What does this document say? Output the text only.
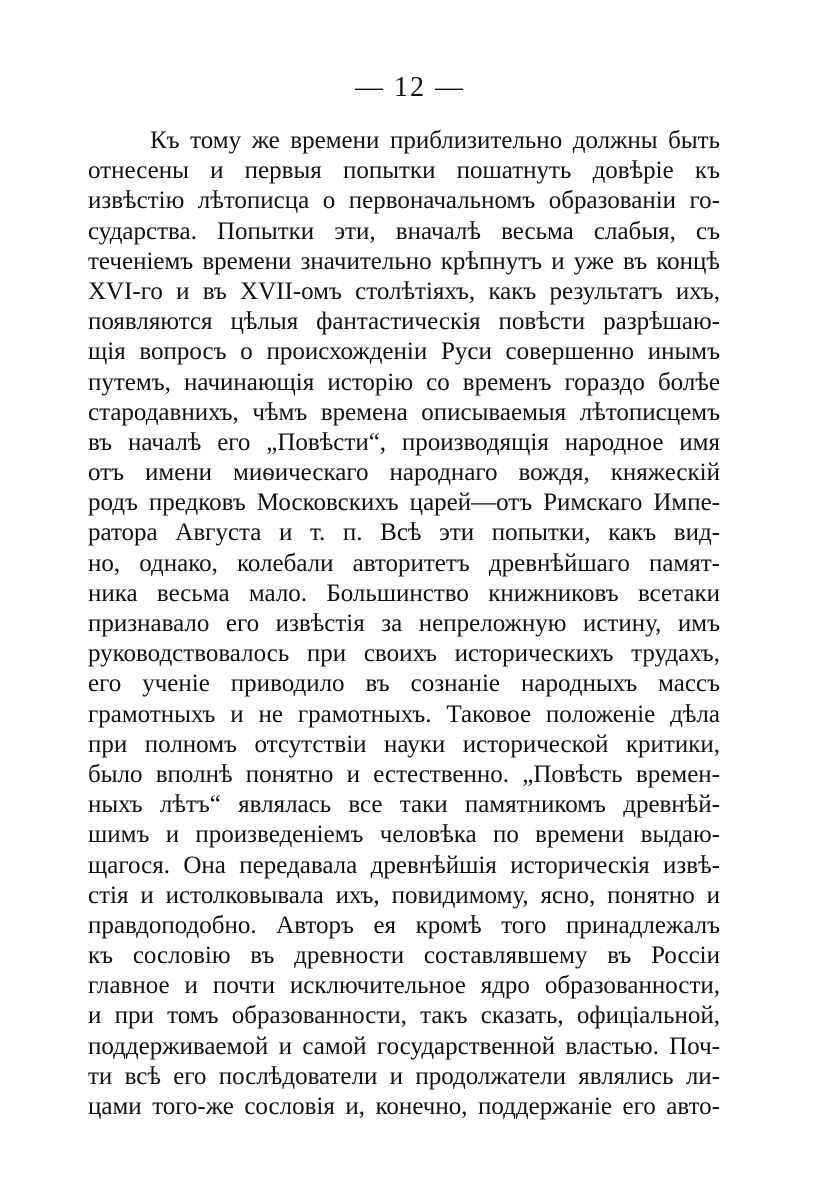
— 12 —
Къ тому же времени приблизительно должны быть
отнесены и первыя попытки пошатнуть довѣріе къ
извѣстію лѣтописца о первоначальномъ образованіи го-
сударства. Попытки эти, вначалѣ весьма слабыя, съ
теченіемъ времени значительно крѣпнутъ и уже въ концѣ
XVI-го и въ XVII-омъ столѣтіяхъ, какъ результатъ ихъ,
появляются цѣлыя фантастическія повѣсти разрѣшаю-
щія вопросъ о происхожденіи Руси совершенно инымъ
путемъ, начинающія исторію со временъ гораздо болѣе
стародавнихъ, чѣмъ времена описываемыя лѣтописцемъ
въ началѣ его „Повѣсти“, производящія народное имя
отъ имени миѳическаго народнаго вождя, княжескій
родъ предковъ Московскихъ царей—отъ Римскаго Импе-
ратора Августа и т. п. Всѣ эти попытки, какъ вид-
но, однако, колебали авторитетъ древнѣйшаго памят-
ника весьма мало. Большинство книжниковъ всетаки
признавало его извѣстія за непреложную истину, имъ
руководствовалось при своихъ историческихъ трудахъ,
его ученіе приводило въ сознаніе народныхъ массъ
грамотныхъ и не грамотныхъ. Таковое положеніе дѣла
при полномъ отсутствіи науки исторической критики,
было вполнѣ понятно и естественно. „Повѣсть времен-
ныхъ лѣтъ“ являлась все таки памятникомъ древнѣй-
шимъ и произведеніемъ человѣка по времени выдаю-
щагося. Она передавала древнѣйшія историческія извѣ-
стія и истолковывала ихъ, повидимому, ясно, понятно и
правдоподобно. Авторъ ея кромѣ того принадлежалъ
къ сословію въ древности составлявшему въ Россіи
главное и почти исключительное ядро образованности,
и при томъ образованности, такъ сказать, офиціальной,
поддерживаемой и самой государственной властью. Поч-
ти всѣ его послѣдователи и продолжатели являлись ли-
цами того-же сословія и, конечно, поддержаніе его авто-
